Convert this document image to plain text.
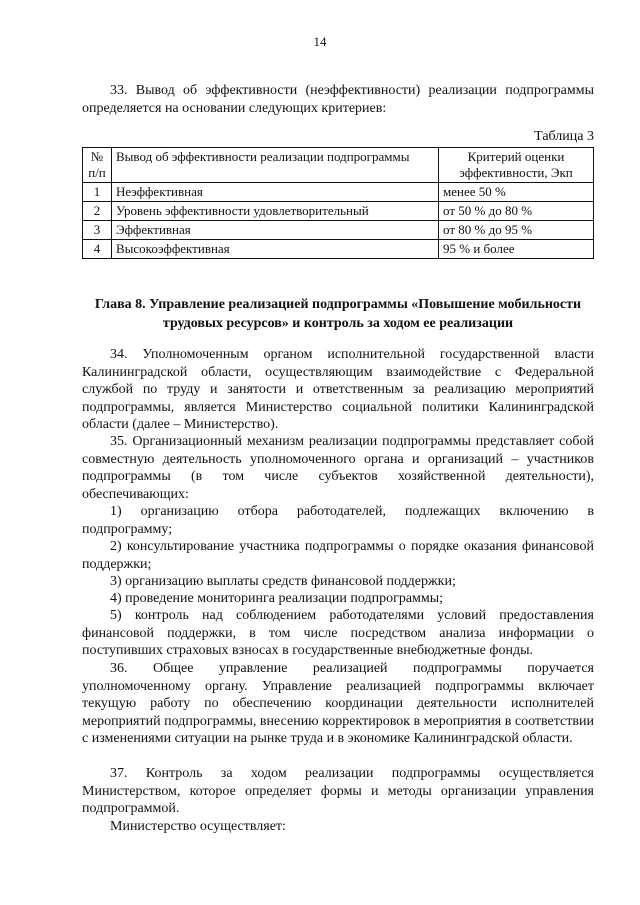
14

33. Вывод об эффективности (неэффективности) реализации подпрограммы определяется на основании следующих критериев:

Таблица 3
№ п/п	Вывод об эффективности реализации подпрограммы	Критерий оценки эффективности, Экп
1	Неэффективная	менее 50 %
2	Уровень эффективности удовлетворительный	от 50 % до 80 %
3	Эффективная	от 80 % до 95 %
4	Высокоэффективная	95 % и более

Глава 8. Управление реализацией подпрограммы «Повышение мобильности трудовых ресурсов» и контроль за ходом ее реализации

34. Уполномоченным органом исполнительной государственной власти Калининградской области, осуществляющим взаимодействие с Федеральной службой по труду и занятости и ответственным за реализацию мероприятий подпрограммы, является Министерство социальной политики Калининградской области (далее – Министерство).

35. Организационный механизм реализации подпрограммы представляет собой совместную деятельность уполномоченного органа и организаций – участников подпрограммы (в том числе субъектов хозяйственной деятельности), обеспечивающих:

1) организацию отбора работодателей, подлежащих включению в подпрограмму;

2) консультирование участника подпрограммы о порядке оказания финансовой поддержки;

3) организацию выплаты средств финансовой поддержки;

4) проведение мониторинга реализации подпрограммы;

5) контроль над соблюдением работодателями условий предоставления финансовой поддержки, в том числе посредством анализа информации о поступивших страховых взносах в государственные внебюджетные фонды.

36. Общее управление реализацией подпрограммы поручается уполномоченному органу. Управление реализацией подпрограммы включает текущую работу по обеспечению координации деятельности исполнителей мероприятий подпрограммы, внесению корректировок в мероприятия в соответствии с изменениями ситуации на рынке труда и в экономике Калининградской области.

37. Контроль за ходом реализации подпрограммы осуществляется Министерством, которое определяет формы и методы организации управления подпрограммой.

Министерство осуществляет:
